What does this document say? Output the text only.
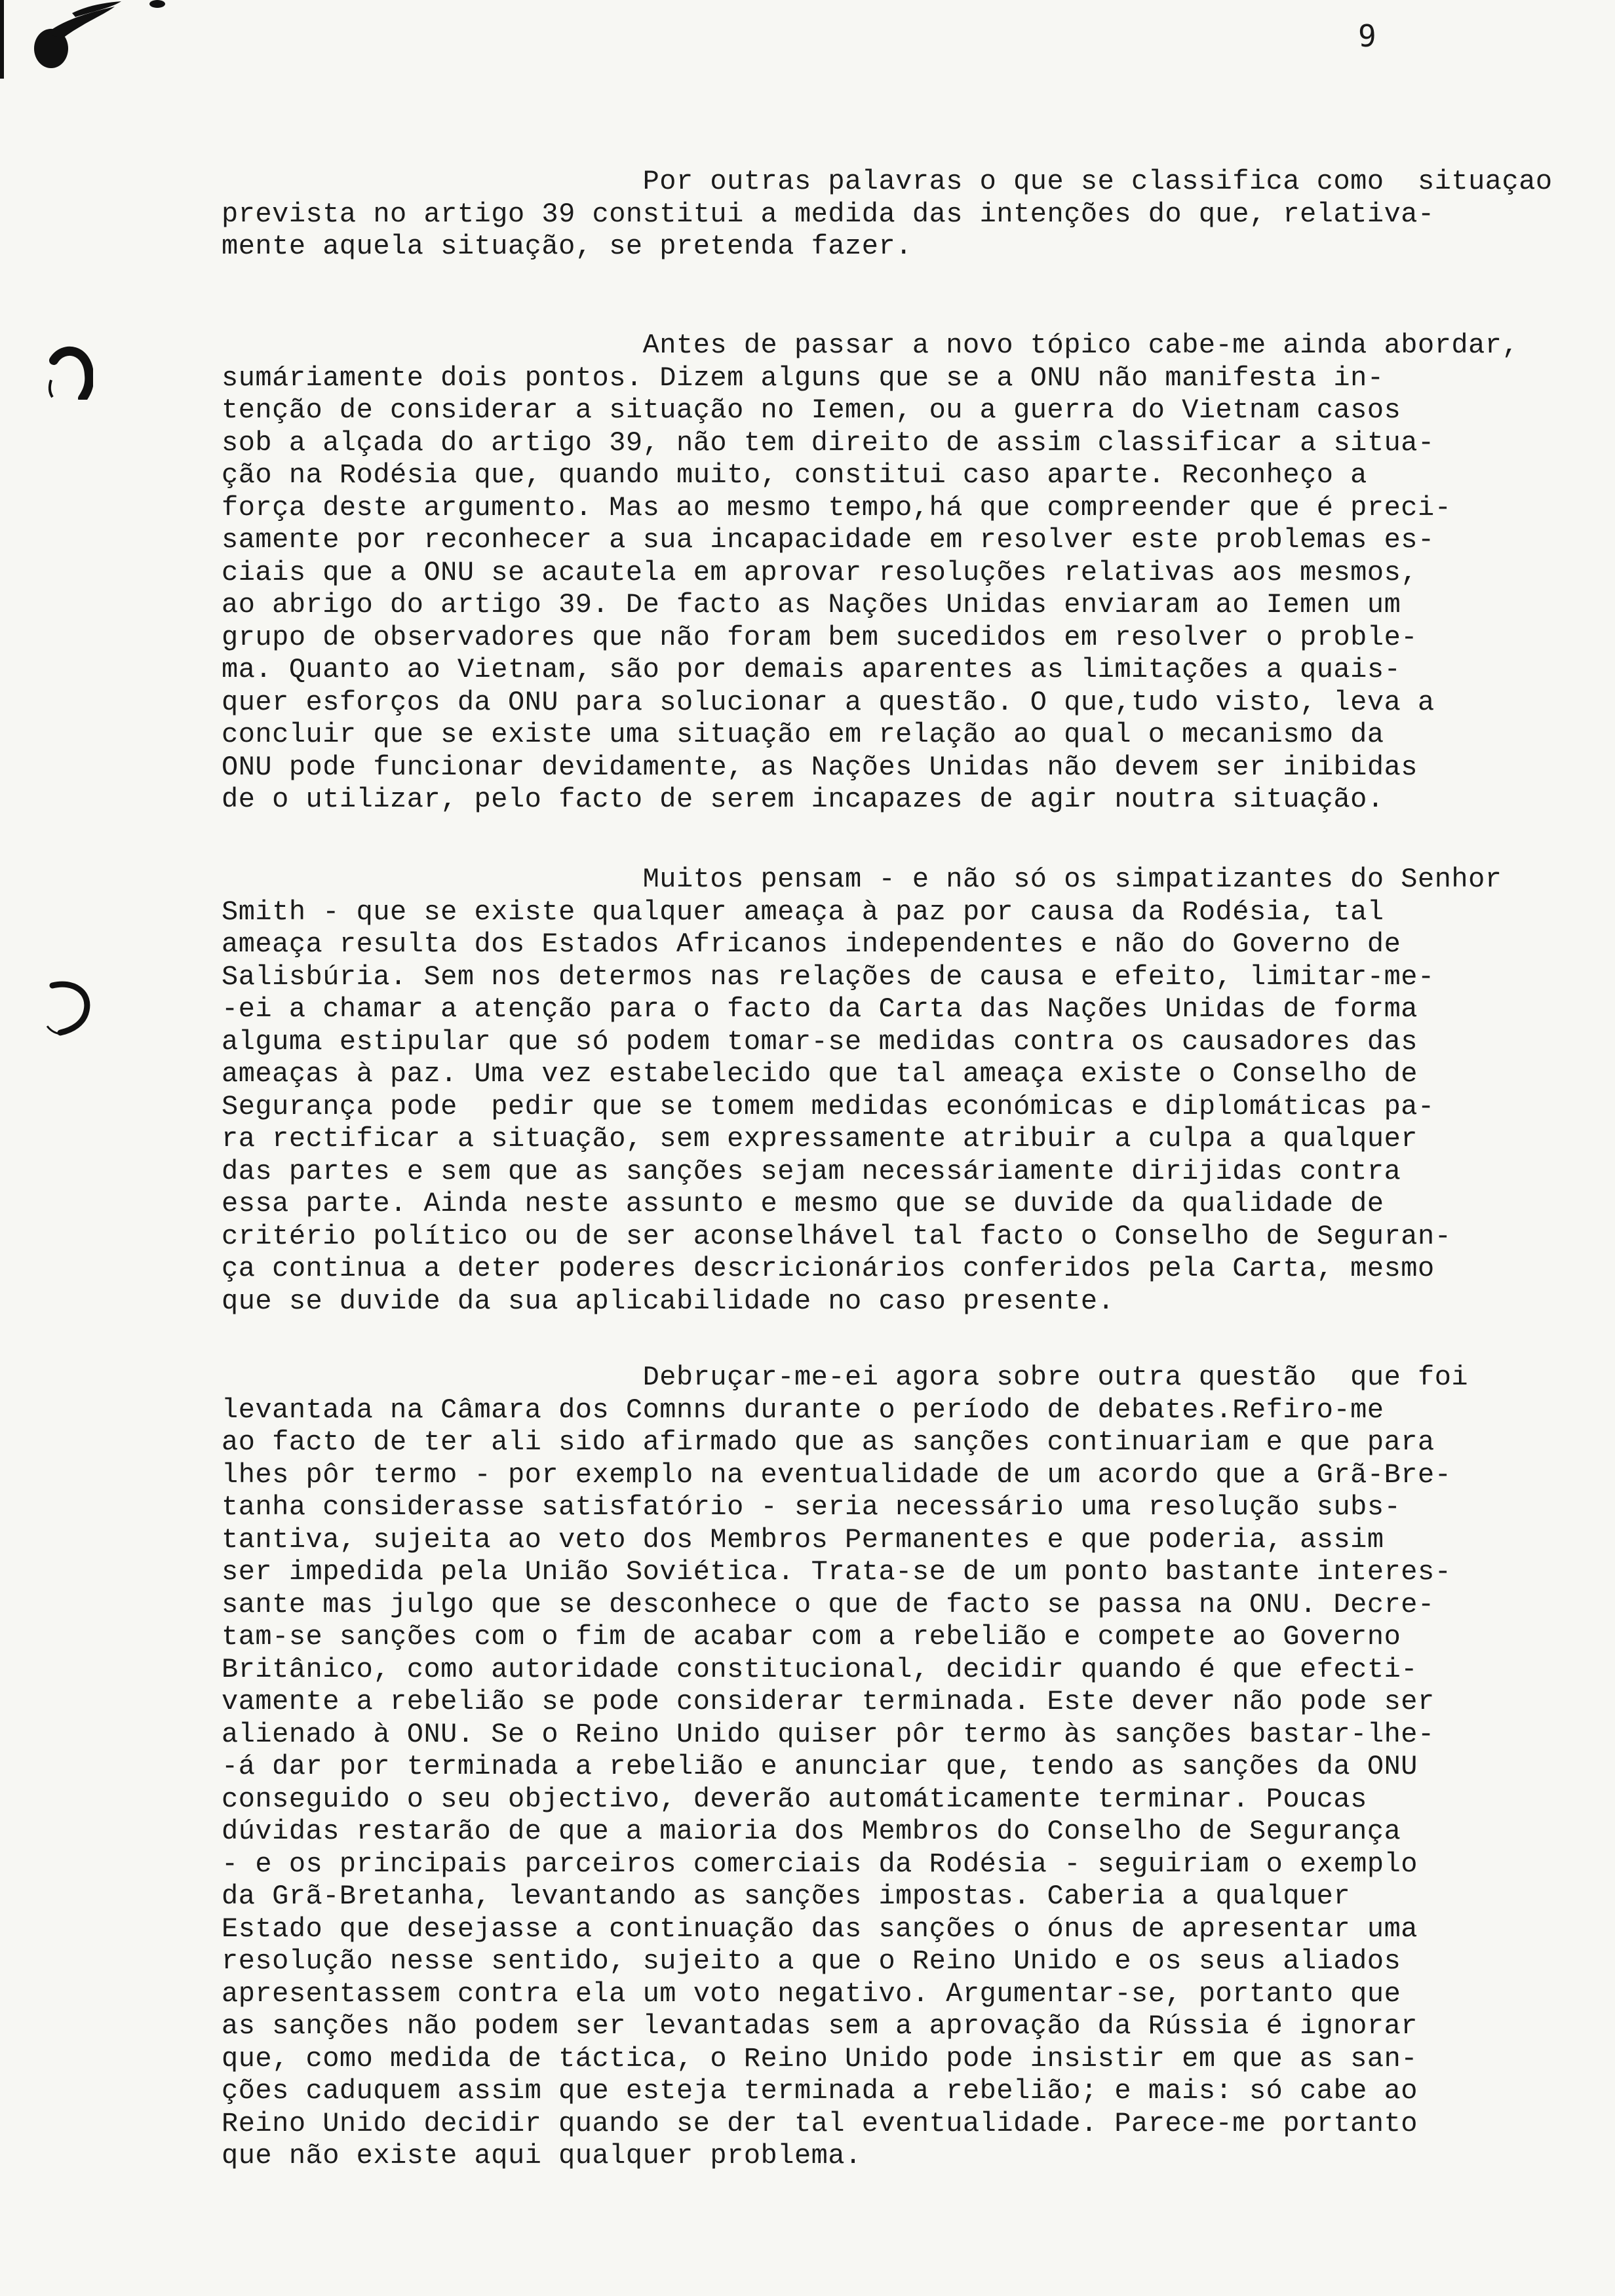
9
Por outras palavras o que se classifica como  situaçao
prevista no artigo 39 constitui a medida das intenções do que, relativa-
mente aquela situação, se pretenda fazer.
Antes de passar a novo tópico cabe-me ainda abordar,
sumáriamente dois pontos. Dizem alguns que se a ONU não manifesta in-
tenção de considerar a situação no Iemen, ou a guerra do Vietnam casos
sob a alçada do artigo 39, não tem direito de assim classificar a situa-
ção na Rodésia que, quando muito, constitui caso aparte. Reconheço a
força deste argumento. Mas ao mesmo tempo,há que compreender que é preci-
samente por reconhecer a sua incapacidade em resolver este problemas es-
ciais que a ONU se acautela em aprovar resoluções relativas aos mesmos,
ao abrigo do artigo 39. De facto as Nações Unidas enviaram ao Iemen um
grupo de observadores que não foram bem sucedidos em resolver o proble-
ma. Quanto ao Vietnam, são por demais aparentes as limitações a quais-
quer esforços da ONU para solucionar a questão. O que,tudo visto, leva a
concluir que se existe uma situação em relação ao qual o mecanismo da
ONU pode funcionar devidamente, as Nações Unidas não devem ser inibidas
de o utilizar, pelo facto de serem incapazes de agir noutra situação.
Muitos pensam - e não só os simpatizantes do Senhor
Smith - que se existe qualquer ameaça à paz por causa da Rodésia, tal
ameaça resulta dos Estados Africanos independentes e não do Governo de
Salisbúria. Sem nos determos nas relações de causa e efeito, limitar-me-
-ei a chamar a atenção para o facto da Carta das Nações Unidas de forma
alguma estipular que só podem tomar-se medidas contra os causadores das
ameaças à paz. Uma vez estabelecido que tal ameaça existe o Conselho de
Segurança pode  pedir que se tomem medidas económicas e diplomáticas pa-
ra rectificar a situação, sem expressamente atribuir a culpa a qualquer
das partes e sem que as sanções sejam necessáriamente dirijidas contra
essa parte. Ainda neste assunto e mesmo que se duvide da qualidade de
critério político ou de ser aconselhável tal facto o Conselho de Seguran-
ça continua a deter poderes descricionários conferidos pela Carta, mesmo
que se duvide da sua aplicabilidade no caso presente.
Debruçar-me-ei agora sobre outra questão  que foi
levantada na Câmara dos Comnns durante o período de debates.Refiro-me
ao facto de ter ali sido afirmado que as sanções continuariam e que para
lhes pôr termo - por exemplo na eventualidade de um acordo que a Grã-Bre-
tanha considerasse satisfatório - seria necessário uma resolução subs-
tantiva, sujeita ao veto dos Membros Permanentes e que poderia, assim
ser impedida pela União Soviética. Trata-se de um ponto bastante interes-
sante mas julgo que se desconhece o que de facto se passa na ONU. Decre-
tam-se sanções com o fim de acabar com a rebelião e compete ao Governo
Britânico, como autoridade constitucional, decidir quando é que efecti-
vamente a rebelião se pode considerar terminada. Este dever não pode ser
alienado à ONU. Se o Reino Unido quiser pôr termo às sanções bastar-lhe-
-á dar por terminada a rebelião e anunciar que, tendo as sanções da ONU
conseguido o seu objectivo, deverão automáticamente terminar. Poucas
dúvidas restarão de que a maioria dos Membros do Conselho de Segurança
- e os principais parceiros comerciais da Rodésia - seguiriam o exemplo
da Grã-Bretanha, levantando as sanções impostas. Caberia a qualquer
Estado que desejasse a continuação das sanções o ónus de apresentar uma
resolução nesse sentido, sujeito a que o Reino Unido e os seus aliados
apresentassem contra ela um voto negativo. Argumentar-se, portanto que
as sanções não podem ser levantadas sem a aprovação da Rússia é ignorar
que, como medida de táctica, o Reino Unido pode insistir em que as san-
ções caduquem assim que esteja terminada a rebelião; e mais: só cabe ao
Reino Unido decidir quando se der tal eventualidade. Parece-me portanto
que não existe aqui qualquer problema.
